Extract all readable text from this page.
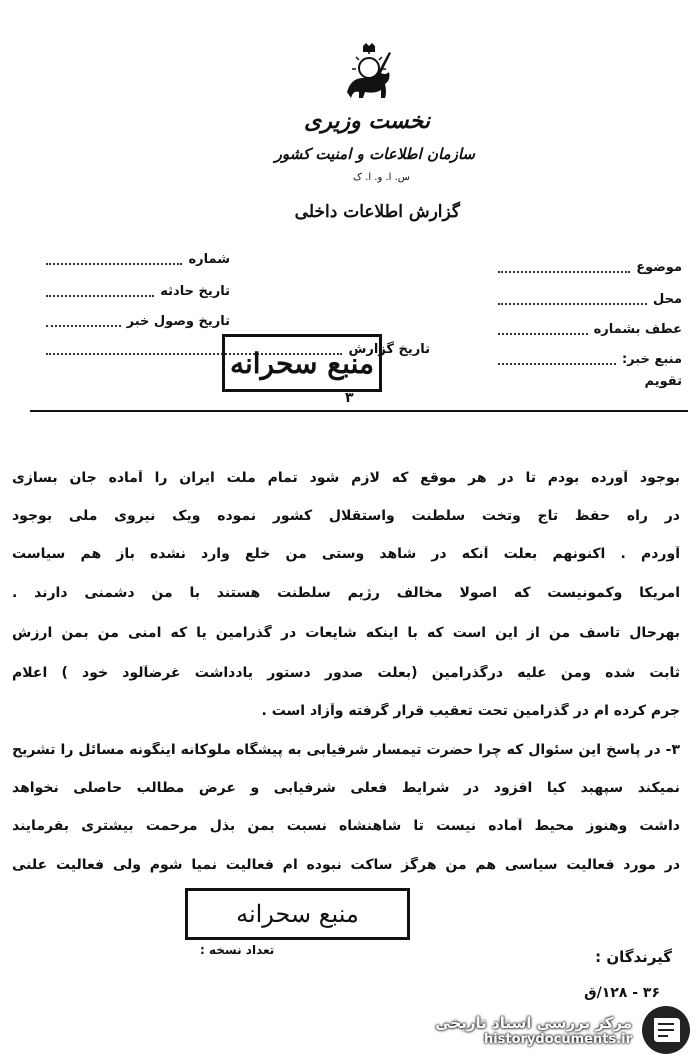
نخست وزیری
سازمان اطلاعات و امنیت کشور
س. ا. و. ا. ک
گزارش اطلاعات داخلی
موضوع
محل
عطف بشماره
منبع خبر:
تقویم
شماره
تاریخ حادثه
تاریخ وصول خبر
تاریخ گزارش
منبع سحرانه
۳
بوجود آورده بودم تا در هر موقع که لازم شود تمام ملت ایران را آماده جان بسازی
در راه حفظ تاج وتخت سلطنت واستقلال کشور نموده ویک نیروی ملی بوجود
آوردم . اکنونهم بعلت آنکه در شاهد وستی من خلع وارد نشده باز هم سیاست
امریکا وکمونیست که اصولا مخالف رژیم سلطنت هستند با من دشمنی دارند .
بهرحال تاسف من از این است که با اینکه شایعات در گذرامین یا که امنی من بمن ارزش
ثابت شده ومن علیه درگذرامین (بعلت صدور دستور یادداشت غرضآلود خود ) اعلام
جرم کرده ام در گذرامین تحت تعقیب قرار گرفته وآزاد است .
۳- در پاسخ این سئوال که چرا حضرت تیمسار شرفیابی به پیشگاه ملوکانه اینگونه مسائل را تشریح
نمیکند سپهبد کیا افزود در شرایط فعلی شرفیابی و عرض مطالب حاصلی نخواهد
داشت وهنوز محیط آماده نیست تا شاهنشاه نسبت بمن بذل مرحمت بیشتری بفرمایند
در مورد فعالیت سیاسی هم من هرگز ساکت نبوده ام فعالیت نمیا شوم ولی فعالیت علنی
منبع سحرانه
گیرندگان :
تعداد نسخه :
۳۶ - ۱۲۸/ق
مرکز بررسی اسناد تاریخی
historydocuments.ir
